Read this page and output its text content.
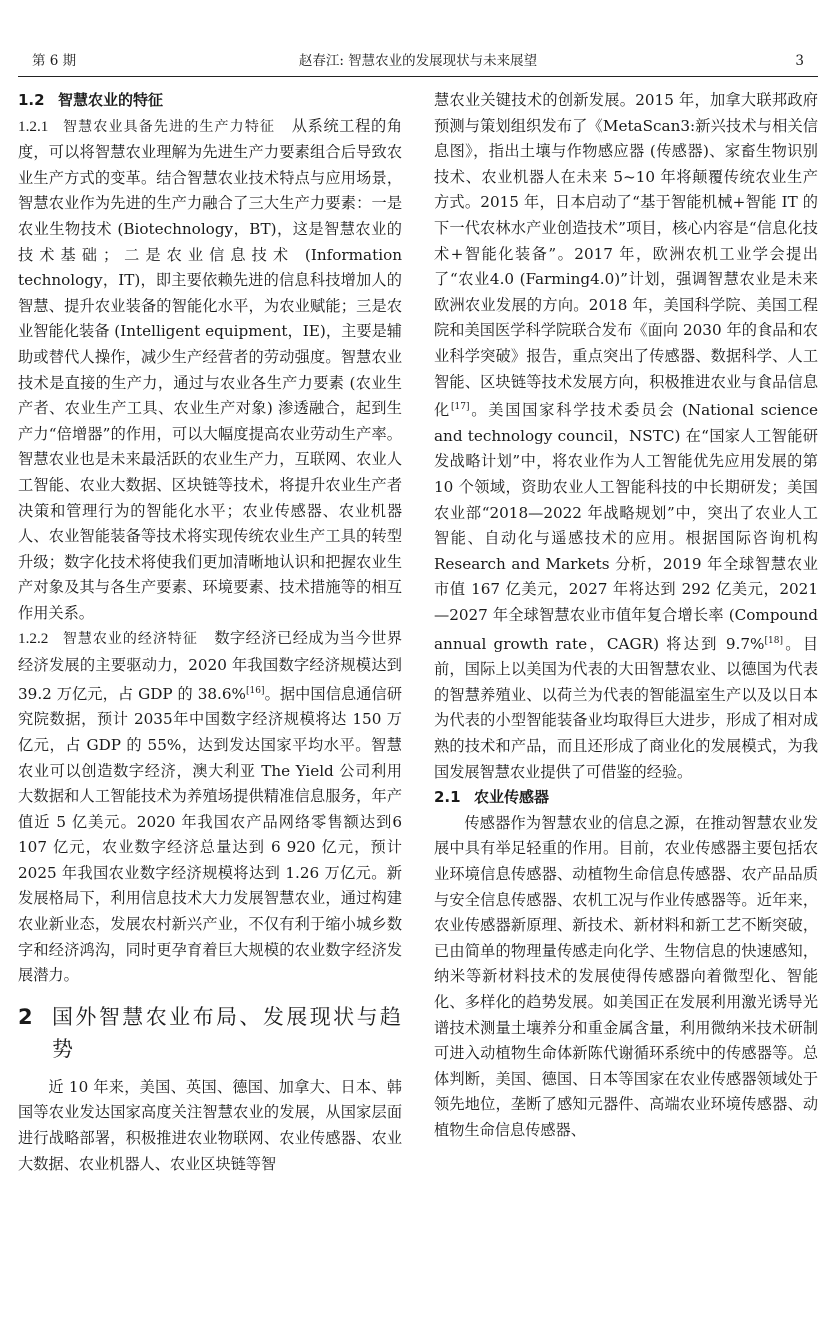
第 6 期	赵春江: 智慧农业的发展现状与未来展望	3

1.2 智慧农业的特征

1.2.1 智慧农业具备先进的生产力特征 从系统工程的角度，可以将智慧农业理解为先进生产力要素组合后导致农业生产方式的变革。结合智慧农业技术特点与应用场景，智慧农业作为先进的生产力融合了三大生产力要素：一是农业生物技术 (Biotechnology，BT)，这是智慧农业的技术基础；二是农业信息技术 (Information technology，IT)，即主要依赖先进的信息科技增加人的智慧、提升农业装备的智能化水平，为农业赋能；三是农业智能化装备 (Intelligent equipment，IE)，主要是辅助或替代人操作，减少生产经营者的劳动强度。智慧农业技术是直接的生产力，通过与农业各生产力要素 (农业生产者、农业生产工具、农业生产对象) 渗透融合，起到生产力“倍增器”的作用，可以大幅度提高农业劳动生产率。智慧农业也是未来最活跃的农业生产力，互联网、农业人工智能、农业大数据、区块链等技术，将提升农业生产者决策和管理行为的智能化水平；农业传感器、农业机器人、农业智能装备等技术将实现传统农业生产工具的转型升级；数字化技术将使我们更加清晰地认识和把握农业生产对象及其与各生产要素、环境要素、技术措施等的相互作用关系。

1.2.2 智慧农业的经济特征 数字经济已经成为当今世界经济发展的主要驱动力，2020 年我国数字经济规模达到 39.2 万亿元，占 GDP 的 38.6%[16]。据中国信息通信研究院数据，预计 2035年中国数字经济规模将达 150 万亿元，占 GDP 的 55%，达到发达国家平均水平。智慧农业可以创造数字经济，澳大利亚 The Yield 公司利用大数据和人工智能技术为养殖场提供精准信息服务，年产值近 5 亿美元。2020 年我国农产品网络零售额达到6 107 亿元，农业数字经济总量达到 6 920 亿元，预计 2025 年我国农业数字经济规模将达到 1.26 万亿元。新发展格局下，利用信息技术大力发展智慧农业，通过构建农业新业态，发展农村新兴产业，不仅有利于缩小城乡数字和经济鸿沟，同时更孕育着巨大规模的农业数字经济发展潜力。

2 国外智慧农业布局、发展现状与趋势

近 10 年来，美国、英国、德国、加拿大、日本、韩国等农业发达国家高度关注智慧农业的发展，从国家层面进行战略部署，积极推进农业物联网、农业传感器、农业大数据、农业机器人、农业区块链等智

慧农业关键技术的创新发展。2015 年，加拿大联邦政府预测与策划组织发布了《MetaScan3:新兴技术与相关信息图》，指出土壤与作物感应器 (传感器)、家畜生物识别技术、农业机器人在未来 5~10 年将颠覆传统农业生产方式。2015 年，日本启动了“基于智能机械+智能 IT 的下一代农林水产业创造技术”项目，核心内容是“信息化技术+智能化装备”。2017 年，欧洲农机工业学会提出了“农业4.0 (Farming4.0)”计划，强调智慧农业是未来欧洲农业发展的方向。2018 年，美国科学院、美国工程院和美国医学科学院联合发布《面向 2030 年的食品和农业科学突破》报告，重点突出了传感器、数据科学、人工智能、区块链等技术发展方向，积极推进农业与食品信息化[17]。美国国家科学技术委员会 (National science and technology council，NSTC) 在“国家人工智能研发战略计划”中，将农业作为人工智能优先应用发展的第 10 个领域，资助农业人工智能科技的中长期研发；美国农业部“2018—2022 年战略规划”中，突出了农业人工智能、自动化与遥感技术的应用。根据国际咨询机构 Research and Markets 分析，2019 年全球智慧农业市值 167 亿美元，2027 年将达到 292 亿美元，2021—2027 年全球智慧农业市值年复合增长率 (Compound annual growth rate，CAGR) 将达到 9.7%[18]。目前，国际上以美国为代表的大田智慧农业、以德国为代表的智慧养殖业、以荷兰为代表的智能温室生产以及以日本为代表的小型智能装备业均取得巨大进步，形成了相对成熟的技术和产品，而且还形成了商业化的发展模式，为我国发展智慧农业提供了可借鉴的经验。

2.1 农业传感器

传感器作为智慧农业的信息之源，在推动智慧农业发展中具有举足轻重的作用。目前，农业传感器主要包括农业环境信息传感器、动植物生命信息传感器、农产品品质与安全信息传感器、农机工况与作业传感器等。近年来，农业传感器新原理、新技术、新材料和新工艺不断突破，已由简单的物理量传感走向化学、生物信息的快速感知，纳米等新材料技术的发展使得传感器向着微型化、智能化、多样化的趋势发展。如美国正在发展利用激光诱导光谱技术测量土壤养分和重金属含量，利用微纳米技术研制可进入动植物生命体新陈代谢循环系统中的传感器等。总体判断，美国、德国、日本等国家在农业传感器领域处于领先地位，垄断了感知元器件、高端农业环境传感器、动植物生命信息传感器、
